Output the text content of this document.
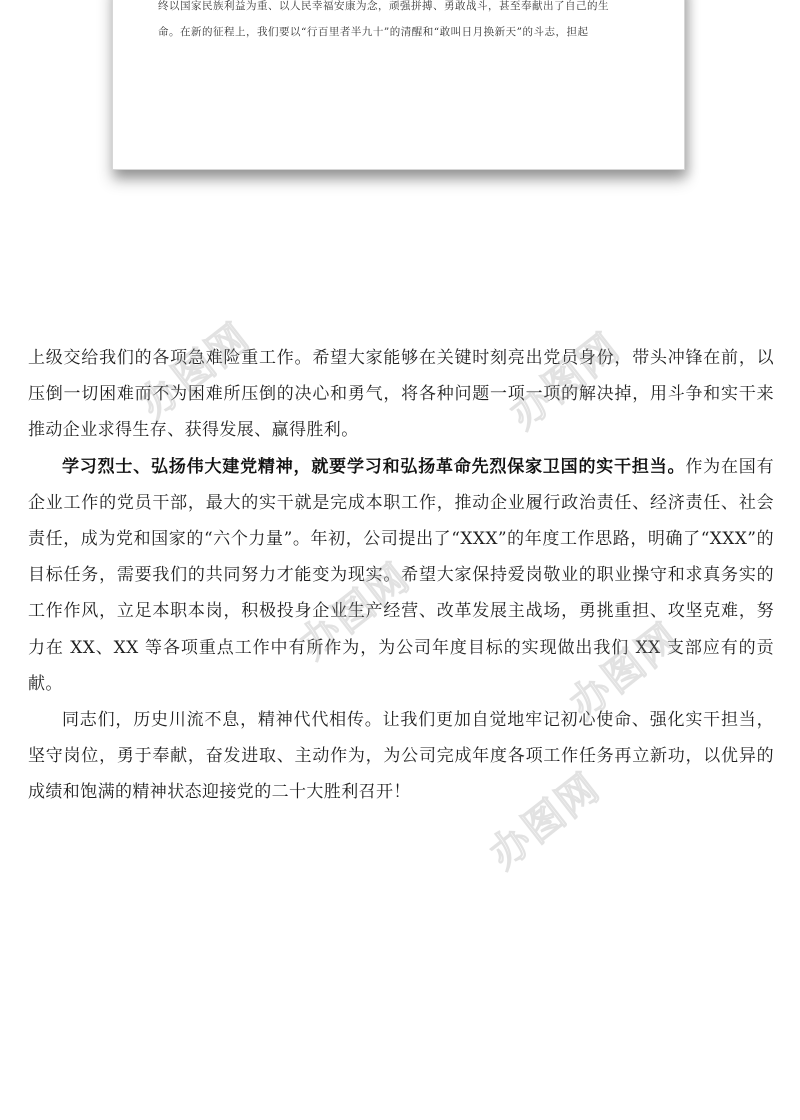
终以国家民族利益为重、以人民幸福安康为念，顽强拼搏、勇敢战斗，甚至奉献出了自己的生
命。在新的征程上，我们要以“行百里者半九十”的清醒和“敢叫日月换新天”的斗志，担起

上级交给我们的各项急难险重工作。希望大家能够在关键时刻亮出党员身份，带头冲锋在前，以压倒一切困难而不为困难所压倒的决心和勇气，将各种问题一项一项的解决掉，用斗争和实干来推动企业求得生存、获得发展、赢得胜利。

学习烈士、弘扬伟大建党精神，就要学习和弘扬革命先烈保家卫国的实干担当。作为在国有企业工作的党员干部，最大的实干就是完成本职工作，推动企业履行政治责任、经济责任、社会责任，成为党和国家的“六个力量”。年初，公司提出了“XXX”的年度工作思路，明确了“XXX”的目标任务，需要我们的共同努力才能变为现实。希望大家保持爱岗敬业的职业操守和求真务实的工作作风，立足本职本岗，积极投身企业生产经营、改革发展主战场，勇挑重担、攻坚克难，努力在 XX、XX 等各项重点工作中有所作为，为公司年度目标的实现做出我们 XX 支部应有的贡献。

同志们，历史川流不息，精神代代相传。让我们更加自觉地牢记初心使命、强化实干担当，坚守岗位，勇于奉献，奋发进取、主动作为，为公司完成年度各项工作任务再立新功，以优异的成绩和饱满的精神状态迎接党的二十大胜利召开！

办图网	办图网
办图网
办图网
办图网
